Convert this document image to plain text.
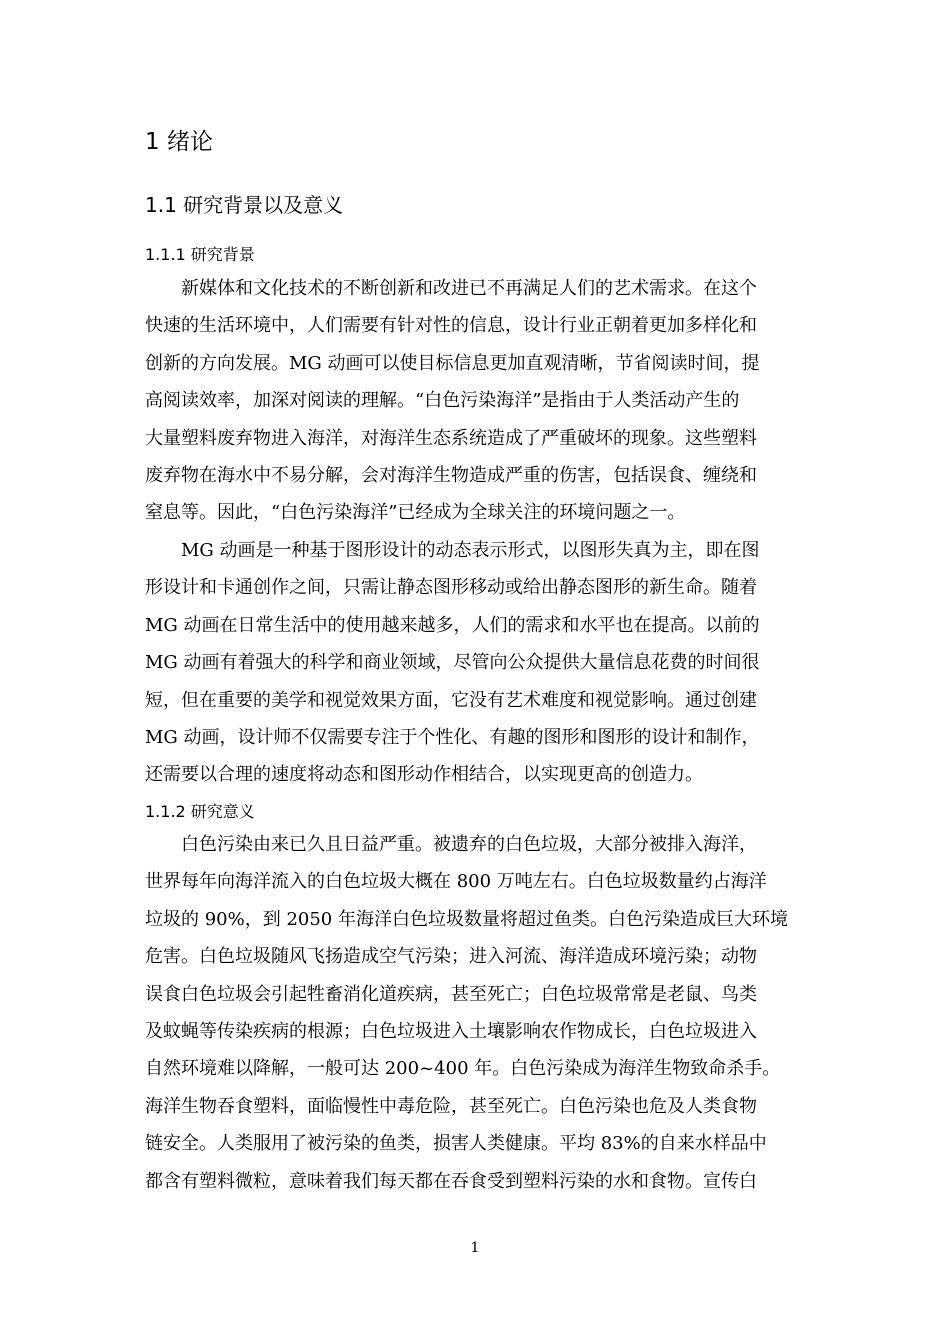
1 绪论
1.1 研究背景以及意义
1.1.1 研究背景
新媒体和文化技术的不断创新和改进已不再满足人们的艺术需求。在这个
快速的生活环境中，人们需要有针对性的信息，设计行业正朝着更加多样化和
创新的方向发展。MG 动画可以使目标信息更加直观清晰，节省阅读时间，提
高阅读效率，加深对阅读的理解。“白色污染海洋”是指由于人类活动产生的
大量塑料废弃物进入海洋，对海洋生态系统造成了严重破坏的现象。这些塑料
废弃物在海水中不易分解，会对海洋生物造成严重的伤害，包括误食、缠绕和
窒息等。因此，“白色污染海洋”已经成为全球关注的环境问题之一。
MG 动画是一种基于图形设计的动态表示形式，以图形失真为主，即在图
形设计和卡通创作之间，只需让静态图形移动或给出静态图形的新生命。随着
MG 动画在日常生活中的使用越来越多，人们的需求和水平也在提高。以前的
MG 动画有着强大的科学和商业领域，尽管向公众提供大量信息花费的时间很
短，但在重要的美学和视觉效果方面，它没有艺术难度和视觉影响。通过创建
MG 动画，设计师不仅需要专注于个性化、有趣的图形和图形的设计和制作，
还需要以合理的速度将动态和图形动作相结合，以实现更高的创造力。
1.1.2 研究意义
白色污染由来已久且日益严重。被遗弃的白色垃圾，大部分被排入海洋，
世界每年向海洋流入的白色垃圾大概在 800 万吨左右。白色垃圾数量约占海洋
垃圾的 90%，到 2050 年海洋白色垃圾数量将超过鱼类。白色污染造成巨大环境
危害。白色垃圾随风飞扬造成空气污染；进入河流、海洋造成环境污染；动物
误食白色垃圾会引起牲畜消化道疾病，甚至死亡；白色垃圾常常是老鼠、鸟类
及蚊蝇等传染疾病的根源；白色垃圾进入土壤影响农作物成长，白色垃圾进入
自然环境难以降解，一般可达 200~400 年。白色污染成为海洋生物致命杀手。
海洋生物吞食塑料，面临慢性中毒危险，甚至死亡。白色污染也危及人类食物
链安全。人类服用了被污染的鱼类，损害人类健康。平均 83%的自来水样品中
都含有塑料微粒，意味着我们每天都在吞食受到塑料污染的水和食物。宣传白
1
